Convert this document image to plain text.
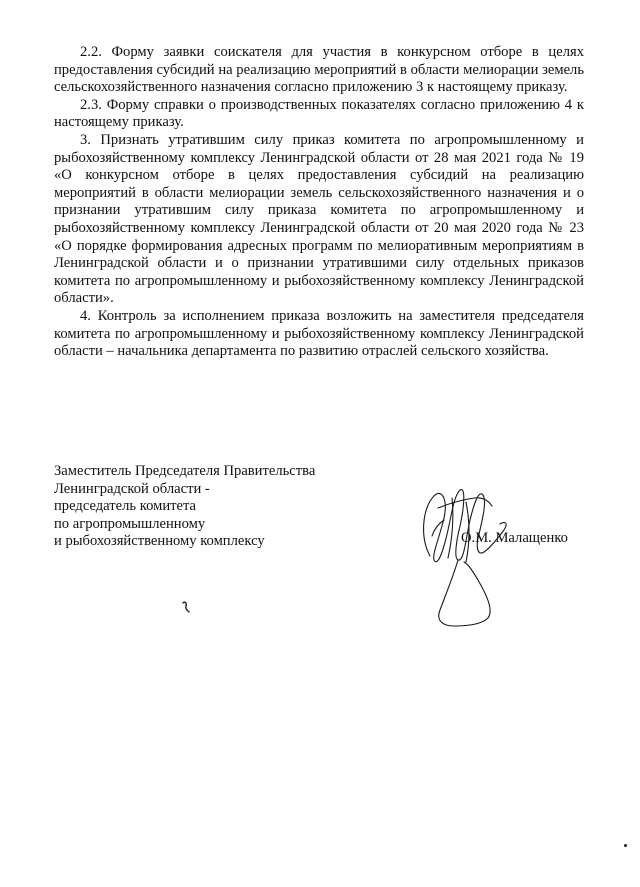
2.2. Форму заявки соискателя для участия в конкурсном отборе в целях предоставления субсидий на реализацию мероприятий в области мелиорации земель сельскохозяйственного назначения согласно приложению 3 к настоящему приказу.

2.3. Форму справки о производственных показателях согласно приложению 4 к настоящему приказу.

3. Признать утратившим силу приказ комитета по агропромышленному и рыбохозяйственному комплексу Ленинградской области от 28 мая 2021 года № 19 «О конкурсном отборе в целях предоставления субсидий на реализацию мероприятий в области мелиорации земель сельскохозяйственного назначения и о признании утратившим силу приказа комитета по агропромышленному и рыбохозяйственному комплексу Ленинградской области от 20 мая 2020 года № 23 «О порядке формирования адресных программ по мелиоративным мероприятиям в Ленинградской области и о признании утратившими силу отдельных приказов комитета по агропромышленному и рыбохозяйственному комплексу Ленинградской области».

4. Контроль за исполнением приказа возложить на заместителя председателя комитета по агропромышленному и рыбохозяйственному комплексу Ленинградской области – начальника департамента по развитию отраслей сельского хозяйства.

Заместитель Председателя Правительства
Ленинградской области -
председатель комитета
по агропромышленному
и рыбохозяйственному комплексу	О.М. Малащенко
